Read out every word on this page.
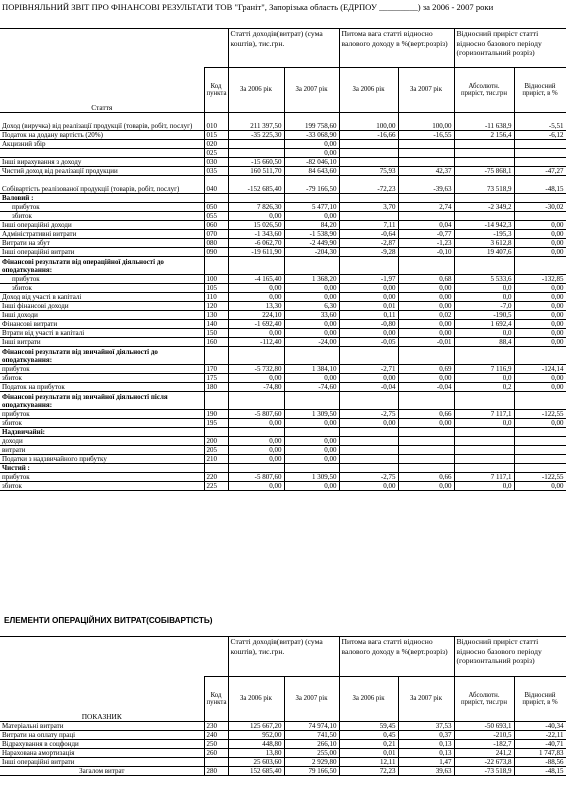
ПОРІВНЯЛЬНИЙ ЗВІТ ПРО ФІНАНСОВІ РЕЗУЛЬТАТИ ТОВ "Граніт", Запорізька область (ЕДРПОУ _________) за 2006 - 2007 роки
		Статті доходів(витрат) (сума коштів), тис.грн.		Питома вага статті відносно валового доходу в %(верт.розріз)		Відносний приріст статті відносно базового періоду (горизонтальний розріз)	
Стаття	Код пункта	За 2006 рік	За 2007 рік	За 2006 рік	За 2007 рік	Абсолютн. приріст, тис.грн	Відносний приріст, в %
Доход (виручка) від реалізації продукції (товарів, робіт, послуг)	010	211 397,50	199 758,60	100,00	100,00	-11 638,9	-5,51
Податок на додану вартість (20%)	015	-35 225,30	-33 068,90	-16,66	-16,55	2 156,4	-6,12
Акцизний збір	020		0,00				
	025		0,00				
Інші вирахування з доходу	030	-15 660,50	-82 046,10				
Чистий доход від реалізації продукции	035	160 511,70	84 643,60	75,93	42,37	-75 868,1	-47,27
Собівартість реалізованої продукції (товарів, робіт, послуг)	040	-152 685,40	-79 166,50	-72,23	-39,63	73 518,9	-48,15
Валовий :							
прибуток	050	7 826,30	5 477,10	3,70	2,74	-2 349,2	-30,02
збиток	055	0,00	0,00				
Інші операційні доходи	060	15 026,50	84,20	7,11	0,04	-14 942,3	0,00
Адміністративні витрати	070	-1 343,60	-1 538,90	-0,64	-0,77	-195,3	0,00
Витрати на збут	080	-6 062,70	-2 449,90	-2,87	-1,23	3 612,8	0,00
Інші операційні витрати	090	-19 611,90	-204,30	-9,28	-0,10	19 407,6	0,00
Фінансові результати від операційної діяльності до оподаткування:							
прибуток	100	-4 165,40	1 368,20	-1,97	0,68	5 533,6	-132,85
збиток	105	0,00	0,00	0,00	0,00	0,0	0,00
Доход від участі в капіталі	110	0,00	0,00	0,00	0,00	0,0	0,00
Інші фінансові доходи	120	13,30	6,30	0,01	0,00	-7,0	0,00
Інші доходи	130	224,10	33,60	0,11	0,02	-190,5	0,00
Фінансові витрати	140	-1 692,40	0,00	-0,80	0,00	1 692,4	0,00
Втрати від участі в капіталі	150	0,00	0,00	0,00	0,00	0,0	0,00
Інші витрати	160	-112,40	-24,00	-0,05	-0,01	88,4	0,00
Фінансові результати від звичайної діяльності до оподаткування:							
прибуток	170	-5 732,80	1 384,10	-2,71	0,69	7 116,9	-124,14
збиток	175	0,00	0,00	0,00	0,00	0,0	0,00
Податок на прибуток	180	-74,80	-74,60	-0,04	-0,04	0,2	0,00
Фінансові результати від звичайної діяльності після оподаткування:							
прибуток	190	-5 807,60	1 309,50	-2,75	0,66	7 117,1	-122,55
збиток	195	0,00	0,00	0,00	0,00	0,0	0,00
Надзвичайні:							
доходи	200	0,00	0,00				
витрати	205	0,00	0,00				
Податки з надзвичайного прибутку	210	0,00	0,00				
Чистий :							
прибуток	220	-5 807,60	1 309,50	-2,75	0,66	7 117,1	-122,55
збиток	225	0,00	0,00	0,00	0,00	0,0	0,00
ЕЛЕМЕНТИ ОПЕРАЦІЙНИХ ВИТРАТ(СОБІВАРТІСТЬ)
		Статті доходів(витрат) (сума коштів), тис.грн.		Питома вага статті відносно валового доходу в %(верт.розріз)		Відносний приріст статті відносно базового періоду (горизонтальний розріз)	
ПОКАЗНИК	Код пункта	За 2006 рік	За 2007 рік	За 2006 рік	За 2007 рік	Абсолютн. приріст, тис.грн	Відносний приріст, в %
Матеріальні витрати	230	125 667,20	74 974,10	59,45	37,53	-50 693,1	-40,34
Витрати на оплату праці	240	952,00	741,50	0,45	0,37	-210,5	-22,11
Відрахування в соцфонди	250	448,80	266,10	0,21	0,13	-182,7	-40,71
Нарахована амортизація	260	13,80	255,00	0,01	0,13	241,2	1 747,83
Інші операційні витрати		25 603,60	2 929,80	12,11	1,47	-22 673,8	-88,56
Загалом витрат	280	152 685,40	79 166,50	72,23	39,63	-73 518,9	-48,15
